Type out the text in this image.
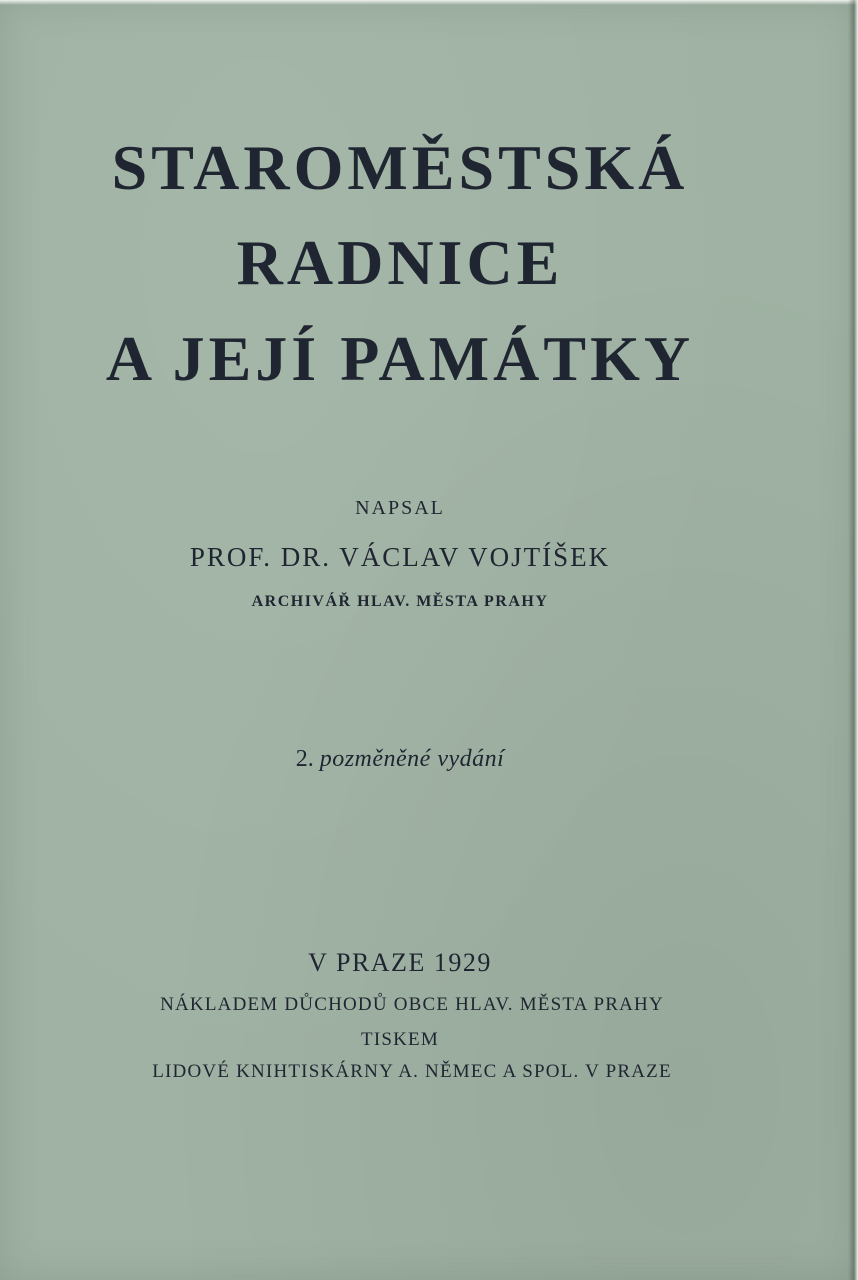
STAROMĚSTSKÁ
RADNICE
A JEJÍ PAMÁTKY
NAPSAL
PROF. DR. VÁCLAV VOJTÍŠEK
ARCHIVÁŘ HLAV. MĚSTA PRAHY
2. pozměněné vydání
V PRAZE 1929
NÁKLADEM DŮCHODŮ OBCE HLAV. MĚSTA PRAHY
TISKEM
LIDOVÉ KNIHTISKÁRNY A. NĚMEC A SPOL. V PRAZE
